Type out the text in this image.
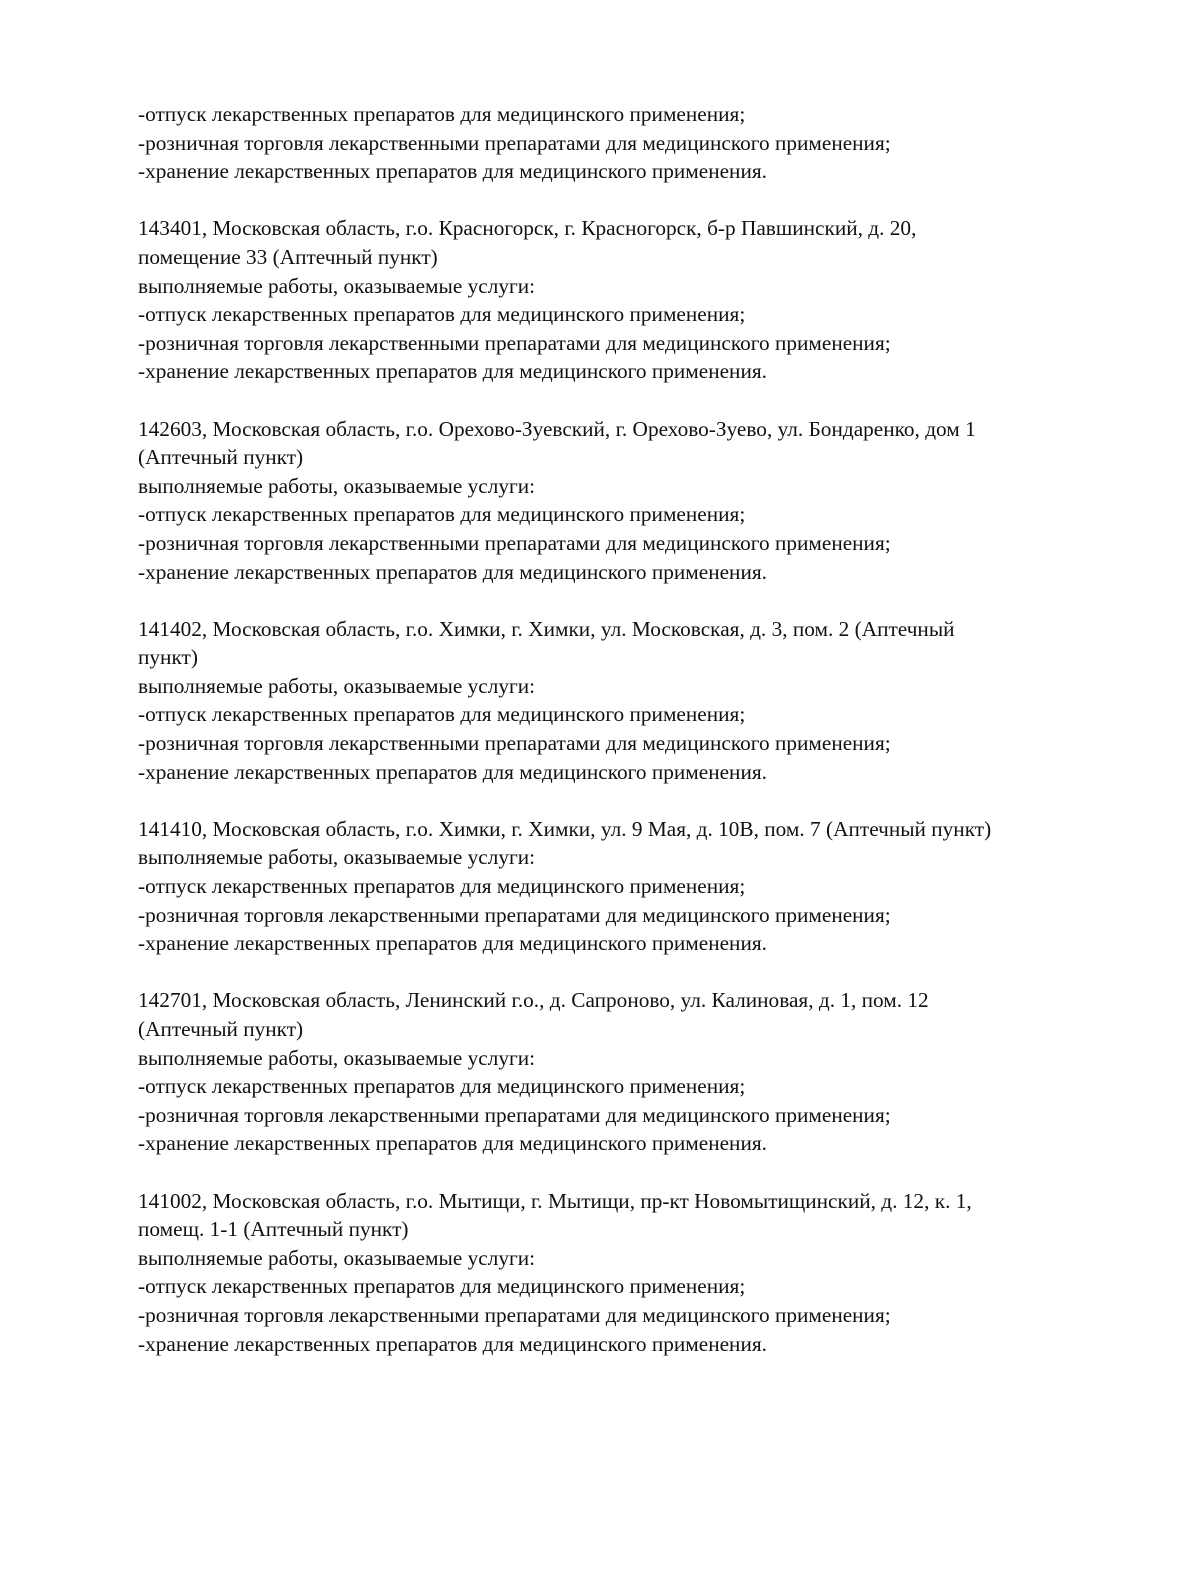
-отпуск лекарственных препаратов для медицинского применения;
-розничная торговля лекарственными препаратами для медицинского применения;
-хранение лекарственных препаратов для медицинского применения.
143401, Московская область, г.о. Красногорск, г. Красногорск, б-р Павшинский, д. 20,
помещение 33 (Аптечный пункт)
выполняемые работы, оказываемые услуги:
-отпуск лекарственных препаратов для медицинского применения;
-розничная торговля лекарственными препаратами для медицинского применения;
-хранение лекарственных препаратов для медицинского применения.
142603, Московская область, г.о. Орехово-Зуевский, г. Орехово-Зуево, ул. Бондаренко, дом 1
(Аптечный пункт)
выполняемые работы, оказываемые услуги:
-отпуск лекарственных препаратов для медицинского применения;
-розничная торговля лекарственными препаратами для медицинского применения;
-хранение лекарственных препаратов для медицинского применения.
141402, Московская область, г.о. Химки, г. Химки, ул. Московская, д. 3, пом. 2 (Аптечный
пункт)
выполняемые работы, оказываемые услуги:
-отпуск лекарственных препаратов для медицинского применения;
-розничная торговля лекарственными препаратами для медицинского применения;
-хранение лекарственных препаратов для медицинского применения.
141410, Московская область, г.о. Химки, г. Химки, ул. 9 Мая, д. 10В, пом. 7 (Аптечный пункт)
выполняемые работы, оказываемые услуги:
-отпуск лекарственных препаратов для медицинского применения;
-розничная торговля лекарственными препаратами для медицинского применения;
-хранение лекарственных препаратов для медицинского применения.
142701, Московская область, Ленинский г.о., д. Сапроново, ул. Калиновая, д. 1, пом. 12
(Аптечный пункт)
выполняемые работы, оказываемые услуги:
-отпуск лекарственных препаратов для медицинского применения;
-розничная торговля лекарственными препаратами для медицинского применения;
-хранение лекарственных препаратов для медицинского применения.
141002, Московская область, г.о. Мытищи, г. Мытищи, пр-кт Новомытищинский, д. 12, к. 1,
помещ. 1-1 (Аптечный пункт)
выполняемые работы, оказываемые услуги:
-отпуск лекарственных препаратов для медицинского применения;
-розничная торговля лекарственными препаратами для медицинского применения;
-хранение лекарственных препаратов для медицинского применения.
